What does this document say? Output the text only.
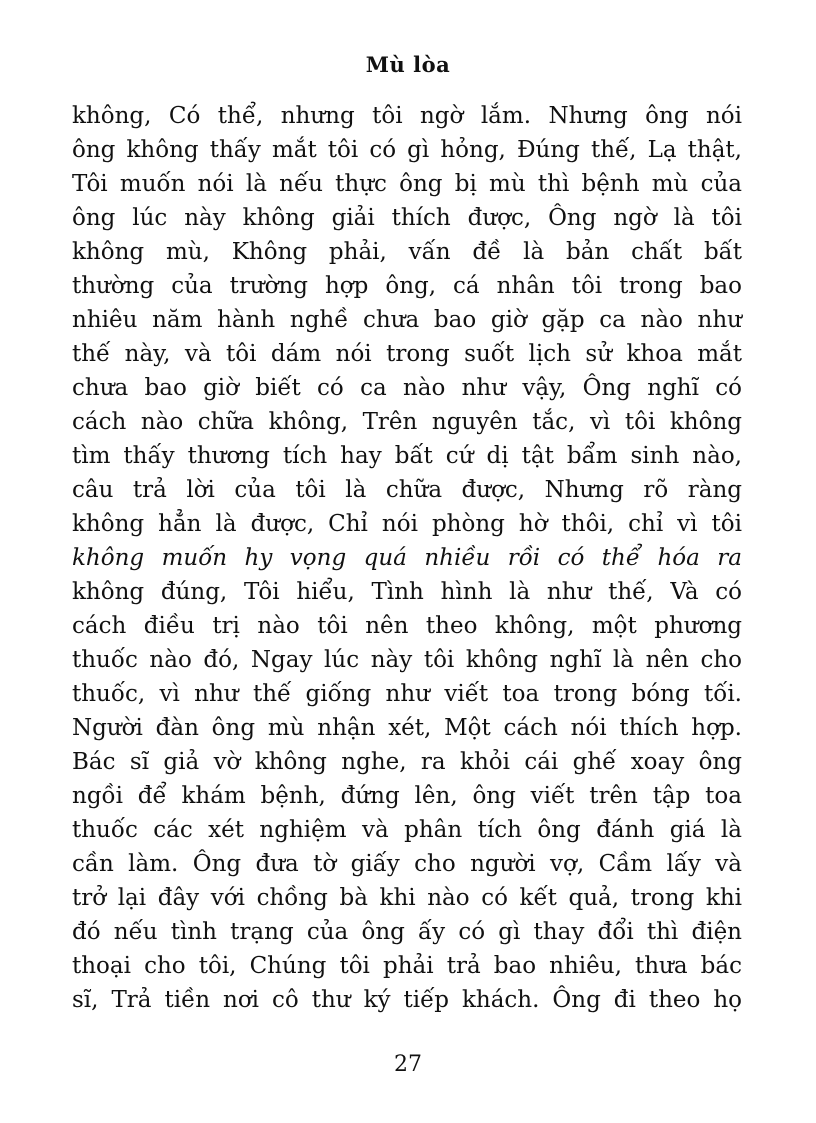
Mù lòa
không, Có thể, nhưng tôi ngờ lắm. Nhưng ông nói
ông không thấy mắt tôi có gì hỏng, Đúng thế, Lạ thật,
Tôi muốn nói là nếu thực ông bị mù thì bệnh mù của
ông lúc này không giải thích được, Ông ngờ là tôi
không mù, Không phải, vấn đề là bản chất bất
thường của trường hợp ông, cá nhân tôi trong bao
nhiêu năm hành nghề chưa bao giờ gặp ca nào như
thế này, và tôi dám nói trong suốt lịch sử khoa mắt
chưa bao giờ biết có ca nào như vậy, Ông nghĩ có
cách nào chữa không, Trên nguyên tắc, vì tôi không
tìm thấy thương tích hay bất cứ dị tật bẩm sinh nào,
câu trả lời của tôi là chữa được, Nhưng rõ ràng
không hẳn là được, Chỉ nói phòng hờ thôi, chỉ vì tôi
không muốn hy vọng quá nhiều rồi có thể hóa ra
không đúng, Tôi hiểu, Tình hình là như thế, Và có
cách điều trị nào tôi nên theo không, một phương
thuốc nào đó, Ngay lúc này tôi không nghĩ là nên cho
thuốc, vì như thế giống như viết toa trong bóng tối.
Người đàn ông mù nhận xét, Một cách nói thích hợp.
Bác sĩ giả vờ không nghe, ra khỏi cái ghế xoay ông
ngồi để khám bệnh, đứng lên, ông viết trên tập toa
thuốc các xét nghiệm và phân tích ông đánh giá là
cần làm. Ông đưa tờ giấy cho người vợ, Cầm lấy và
trở lại đây với chồng bà khi nào có kết quả, trong khi
đó nếu tình trạng của ông ấy có gì thay đổi thì điện
thoại cho tôi, Chúng tôi phải trả bao nhiêu, thưa bác
sĩ, Trả tiền nơi cô thư ký tiếp khách. Ông đi theo họ
27
